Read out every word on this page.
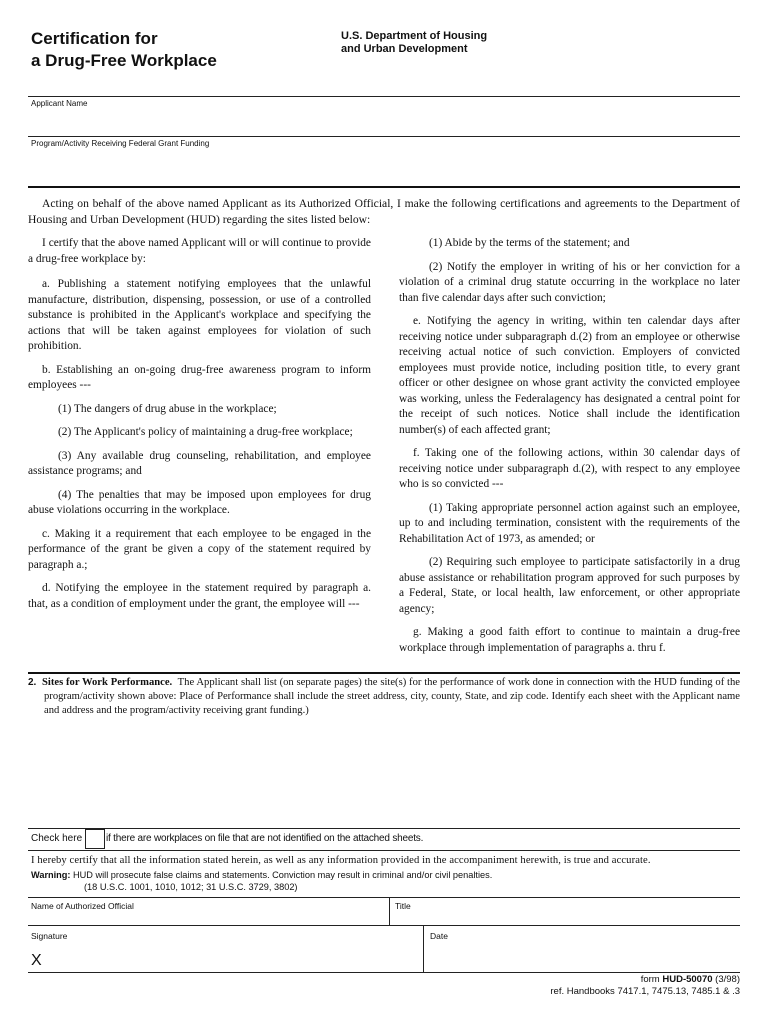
Certification for
a Drug-Free Workplace
U.S. Department of Housing
and Urban Development
Applicant Name
Program/Activity Receiving Federal Grant Funding
Acting on behalf of the above named Applicant as its Authorized Official, I make the following certifications and agreements to the Department of Housing and Urban Development (HUD) regarding the sites listed below:

I certify that the above named Applicant will or will continue to provide a drug-free workplace by:

a. Publishing a statement notifying employees that the unlawful manufacture, distribution, dispensing, possession, or use of a controlled substance is prohibited in the Applicant's workplace and specifying the actions that will be taken against employees for violation of such prohibition.

b. Establishing an on-going drug-free awareness program to inform employees ---

(1) The dangers of drug abuse in the workplace;

(2) The Applicant's policy of maintaining a drug-free workplace;

(3) Any available drug counseling, rehabilitation, and employee assistance programs; and

(4) The penalties that may be imposed upon employees for drug abuse violations occurring in the workplace.

c. Making it a requirement that each employee to be engaged in the performance of the grant be given a copy of the statement required by paragraph a.;

d. Notifying the employee in the statement required by paragraph a. that, as a condition of employment under the grant, the employee will ---

(1) Abide by the terms of the statement; and

(2) Notify the employer in writing of his or her conviction for a violation of a criminal drug statute occurring in the workplace no later than five calendar days after such conviction;

e. Notifying the agency in writing, within ten calendar days after receiving notice under subparagraph d.(2) from an employee or otherwise receiving actual notice of such conviction. Employers of convicted employees must provide notice, including position title, to every grant officer or other designee on whose grant activity the convicted employee was working, unless the Federalagency has designated a central point for the receipt of such notices. Notice shall include the identification number(s) of each affected grant;

f. Taking one of the following actions, within 30 calendar days of receiving notice under subparagraph d.(2), with respect to any employee who is so convicted ---

(1) Taking appropriate personnel action against such an employee, up to and including termination, consistent with the requirements of the Rehabilitation Act of 1973, as amended; or

(2) Requiring such employee to participate satisfactorily in a drug abuse assistance or rehabilitation program approved for such purposes by a Federal, State, or local health, law enforcement, or other appropriate agency;

g. Making a good faith effort to continue to maintain a drug-free workplace through implementation of paragraphs a. thru f.

2. Sites for Work Performance. The Applicant shall list (on separate pages) the site(s) for the performance of work done in connection with the HUD funding of the program/activity shown above: Place of Performance shall include the street address, city, county, State, and zip code. Identify each sheet with the Applicant name and address and the program/activity receiving grant funding.)
Check here if there are workplaces on file that are not identified on the attached sheets.
I hereby certify that all the information stated herein, as well as any information provided in the accompaniment herewith, is true and accurate.
Warning: HUD will prosecute false claims and statements. Conviction may result in criminal and/or civil penalties.
(18 U.S.C. 1001, 1010, 1012; 31 U.S.C. 3729, 3802)
Name of Authorized Official	Title
Signature	Date
X
form HUD-50070 (3/98)
ref. Handbooks 7417.1, 7475.13, 7485.1 & .3
